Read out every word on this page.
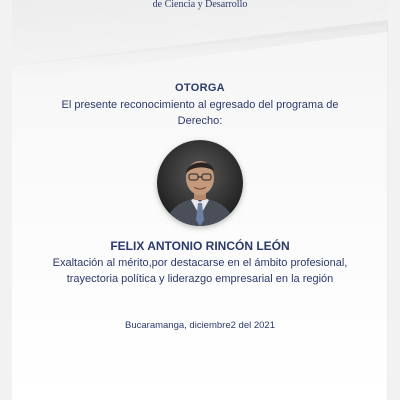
de Ciencia y Desarrollo
OTORGA
El presente reconocimiento al egresado del programa de Derecho:
FELIX ANTONIO RINCÓN LEÓN
Exaltación al mérito,por destacarse en el ámbito profesional, trayectoria política y liderazgo empresarial en la región
Bucaramanga, diciembre2 del 2021
